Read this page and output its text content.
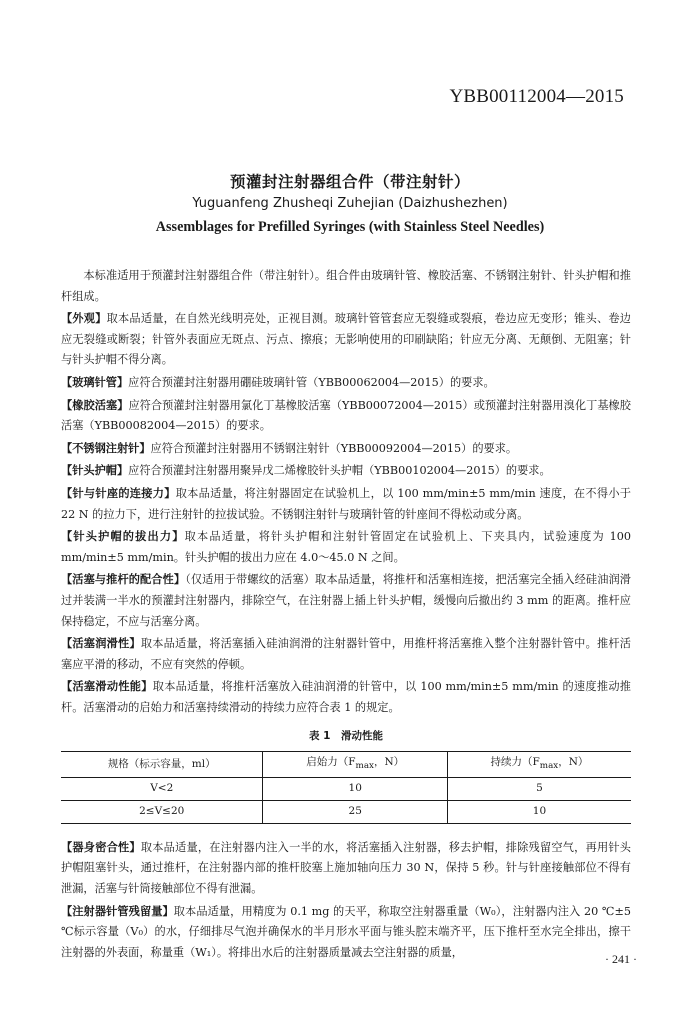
YBB00112004—2015
预灌封注射器组合件（带注射针）
Yuguanfeng Zhusheqi Zuhejian (Daizhushezhen)
Assemblages for Prefilled Syringes (with Stainless Steel Needles)

本标准适用于预灌封注射器组合件（带注射针）。组合件由玻璃针管、橡胶活塞、不锈钢注射针、针头护帽和推杆组成。

【外观】取本品适量，在自然光线明亮处，正视目测。玻璃针管管套应无裂缝或裂痕，卷边应无变形；锥头、卷边应无裂缝或断裂；针管外表面应无斑点、污点、擦痕；无影响使用的印刷缺陷；针应无分离、无颠倒、无阻塞；针与针头护帽不得分离。

【玻璃针管】应符合预灌封注射器用硼硅玻璃针管（YBB00062004—2015）的要求。

【橡胶活塞】应符合预灌封注射器用氯化丁基橡胶活塞（YBB00072004—2015）或预灌封注射器用溴化丁基橡胶活塞（YBB00082004—2015）的要求。

【不锈钢注射针】应符合预灌封注射器用不锈钢注射针（YBB00092004—2015）的要求。

【针头护帽】应符合预灌封注射器用聚异戊二烯橡胶针头护帽（YBB00102004—2015）的要求。

【针与针座的连接力】取本品适量，将注射器固定在试验机上，以 100 mm/min±5 mm/min 速度，在不得小于 22 N 的拉力下，进行注射针的拉拔试验。不锈钢注射针与玻璃针管的针座间不得松动或分离。

【针头护帽的拔出力】取本品适量，将针头护帽和注射针管固定在试验机上、下夹具内，试验速度为 100 mm/min±5 mm/min。针头护帽的拔出力应在 4.0～45.0 N 之间。

【活塞与推杆的配合性】（仅适用于带螺纹的活塞）取本品适量，将推杆和活塞相连接，把活塞完全插入经硅油润滑过并装满一半水的预灌封注射器内，排除空气，在注射器上插上针头护帽，缓慢向后撤出约 3 mm 的距离。推杆应保持稳定，不应与活塞分离。

【活塞润滑性】取本品适量，将活塞插入硅油润滑的注射器针管中，用推杆将活塞推入整个注射器针管中。推杆活塞应平滑的移动，不应有突然的停顿。

【活塞滑动性能】取本品适量，将推杆活塞放入硅油润滑的针管中，以 100 mm/min±5 mm/min 的速度推动推杆。活塞滑动的启始力和活塞持续滑动的持续力应符合表 1 的规定。

表 1　滑动性能
规格（标示容量，ml）	启始力（$F_{max}$，N）	持续力（$F_{max}$，N）
V<2	10	5
2≤V≤20	25	10

【器身密合性】取本品适量，在注射器内注入一半的水，将活塞插入注射器，移去护帽，排除残留空气，再用针头护帽阻塞针头，通过推杆，在注射器内部的推杆胶塞上施加轴向压力 30 N，保持 5 秒。针与针座接触部位不得有泄漏，活塞与针筒接触部位不得有泄漏。

【注射器针管残留量】取本品适量，用精度为 0.1 mg 的天平，称取空注射器重量（W₀），注射器内注入 20 ℃±5 ℃标示容量（V₀）的水，仔细排尽气泡并确保水的半月形水平面与锥头腔末端齐平，压下推杆至水完全排出，擦干注射器的外表面，称量重（W₁）。将排出水后的注射器质量减去空注射器的质量，	· 241 ·
